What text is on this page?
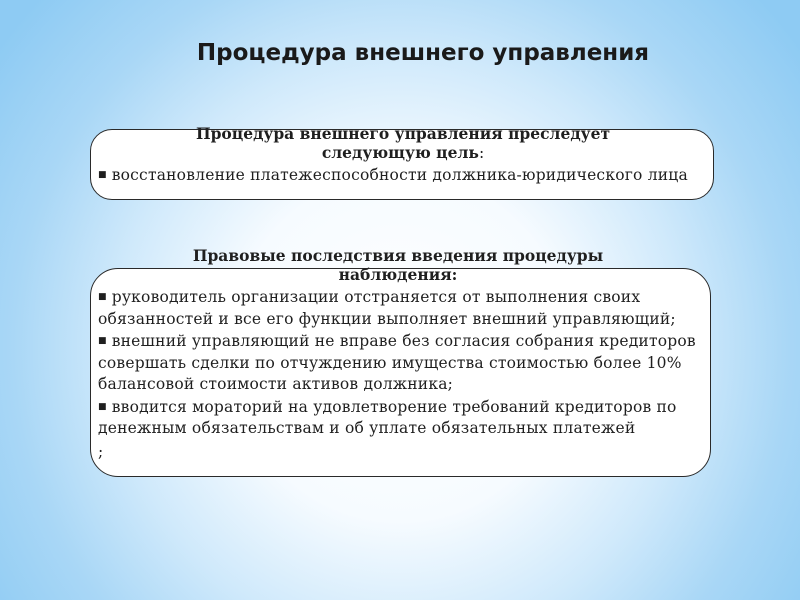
Процедура внешнего управления
Процедура внешнего управления преследует
следующую цель:
■ восстановление платежеспособности должника-юридического лица
Правовые последствия введения процедуры
наблюдения:
■ руководитель организации отстраняется от выполнения своих обязанностей и все его функции выполняет внешний управляющий;
■ внешний управляющий не вправе без согласия собрания кредиторов совершать сделки по отчуждению имущества стоимостью более 10% балансовой стоимости активов должника;
■ вводится мораторий на удовлетворение требований кредиторов по денежным обязательствам и об уплате обязательных платежей
;
